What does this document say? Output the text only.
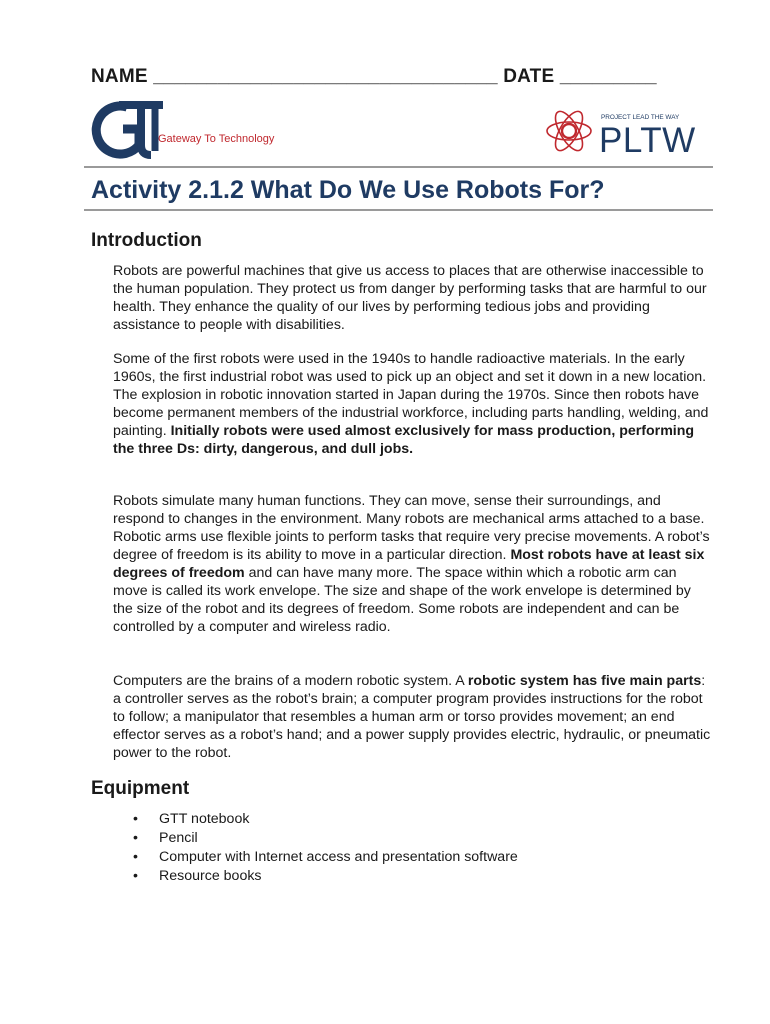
NAME ________________________________ DATE _________
Gateway To Technology
PROJECT LEAD THE WAY
PLTW
Activity 2.1.2 What Do We Use Robots For?
Introduction

Robots are powerful machines that give us access to places that are otherwise inaccessible to the human population. They protect us from danger by performing tasks that are harmful to our health. They enhance the quality of our lives by performing tedious jobs and providing assistance to people with disabilities.

Some of the first robots were used in the 1940s to handle radioactive materials. In the early 1960s, the first industrial robot was used to pick up an object and set it down in a new location. The explosion in robotic innovation started in Japan during the 1970s. Since then robots have become permanent members of the industrial workforce, including parts handling, welding, and painting. Initially robots were used almost exclusively for mass production, performing the three Ds: dirty, dangerous, and dull jobs.

Robots simulate many human functions. They can move, sense their surroundings, and respond to changes in the environment. Many robots are mechanical arms attached to a base. Robotic arms use flexible joints to perform tasks that require very precise movements. A robot’s degree of freedom is its ability to move in a particular direction. Most robots have at least six degrees of freedom and can have many more. The space within which a robotic arm can move is called its work envelope. The size and shape of the work envelope is determined by the size of the robot and its degrees of freedom. Some robots are independent and can be controlled by a computer and wireless radio.

Computers are the brains of a modern robotic system. A robotic system has five main parts: a controller serves as the robot’s brain; a computer program provides instructions for the robot to follow; a manipulator that resembles a human arm or torso provides movement; an end effector serves as a robot’s hand; and a power supply provides electric, hydraulic, or pneumatic power to the robot.

Equipment
• GTT notebook
• Pencil
• Computer with Internet access and presentation software
• Resource books
